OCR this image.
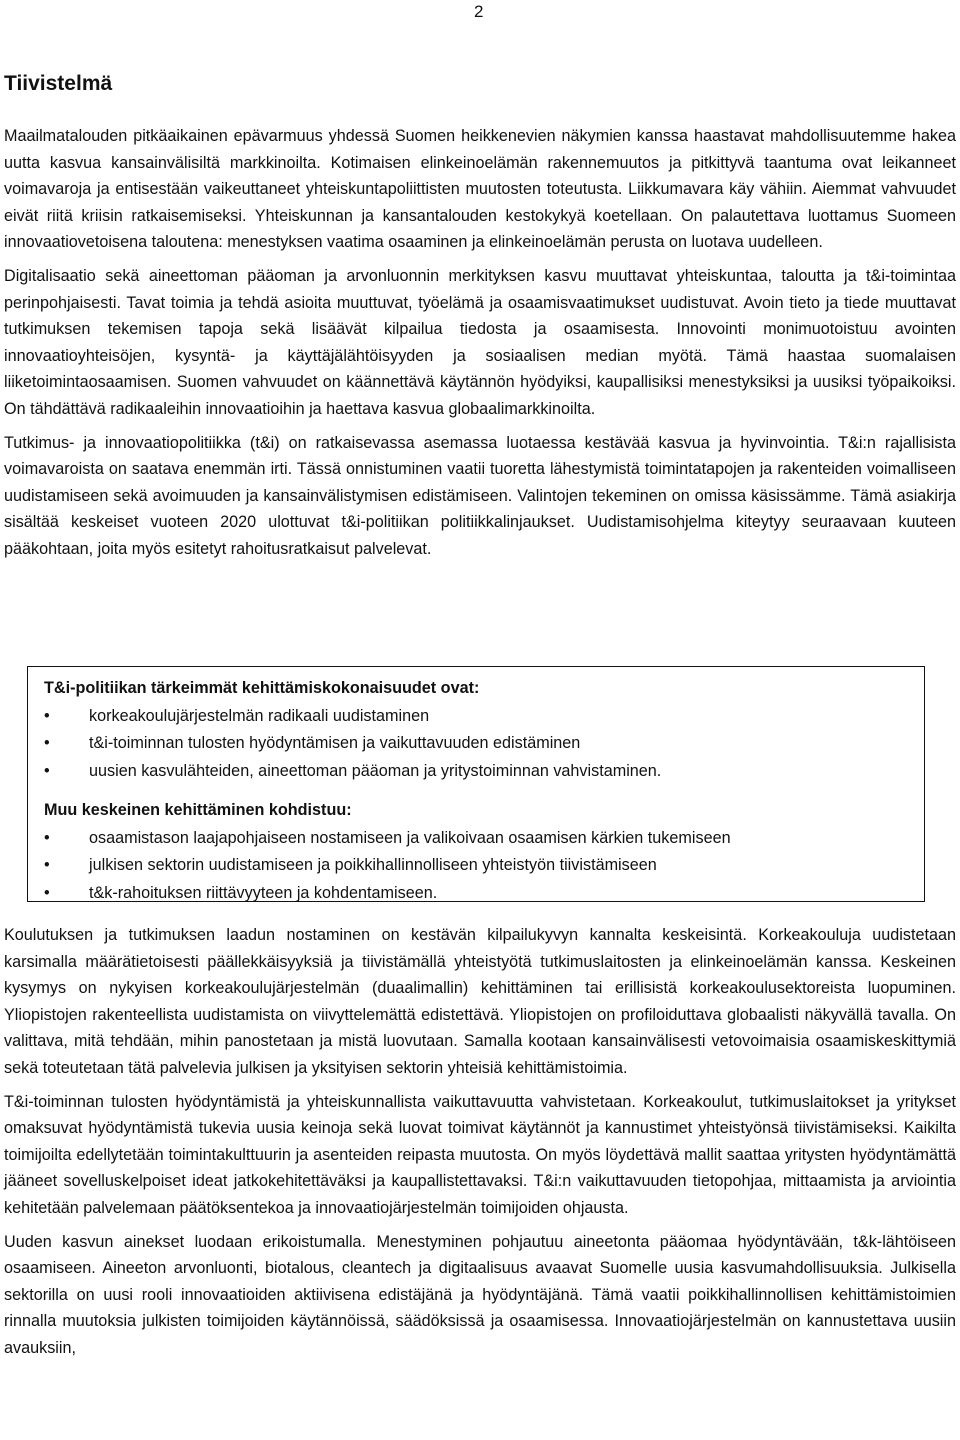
2
Tiivistelmä

Maailmatalouden pitkäaikainen epävarmuus yhdessä Suomen heikkenevien näkymien kanssa haastavat mahdollisuutemme hakea uutta kasvua kansainvälisiltä markkinoilta. Kotimaisen elinkeinoelämän rakennemuutos ja pitkittyvä taantuma ovat leikanneet voimavaroja ja entisestään vaikeuttaneet yhteiskuntapoliittisten muutosten toteutusta. Liikkumavara käy vähiin. Aiemmat vahvuudet eivät riitä kriisin ratkaisemiseksi. Yhteiskunnan ja kansantalouden kestokykyä koetellaan. On palautettava luottamus Suomeen innovaatiovetoisena taloutena: menestyksen vaatima osaaminen ja elinkeinoelämän perusta on luotava uudelleen.

Digitalisaatio sekä aineettoman pääoman ja arvonluonnin merkityksen kasvu muuttavat yhteiskuntaa, taloutta ja t&i-toimintaa perinpohjaisesti. Tavat toimia ja tehdä asioita muuttuvat, työelämä ja osaamisvaatimukset uudistuvat. Avoin tieto ja tiede muuttavat tutkimuksen tekemisen tapoja sekä lisäävät kilpailua tiedosta ja osaamisesta. Innovointi monimuotoistuu avointen innovaatioyhteisöjen, kysyntä- ja käyttäjälähtöisyyden ja sosiaalisen median myötä. Tämä haastaa suomalaisen liiketoimintaosaamisen. Suomen vahvuudet on käännettävä käytännön hyödyiksi, kaupallisiksi menestyksiksi ja uusiksi työpaikoiksi. On tähdättävä radikaaleihin innovaatioihin ja haettava kasvua globaalimarkkinoilta.

Tutkimus- ja innovaatiopolitiikka (t&i) on ratkaisevassa asemassa luotaessa kestävää kasvua ja hyvinvointia. T&i:n rajallisista voimavaroista on saatava enemmän irti. Tässä onnistuminen vaatii tuoretta lähestymistä toimintatapojen ja rakenteiden voimalliseen uudistamiseen sekä avoimuuden ja kansainvälistymisen edistämiseen. Valintojen tekeminen on omissa käsissämme. Tämä asiakirja sisältää keskeiset vuoteen 2020 ulottuvat t&i-politiikan politiikkalinjaukset. Uudistamisohjelma kiteytyy seuraavaan kuuteen pääkohtaan, joita myös esitetyt rahoitusratkaisut palvelevat.

T&i-politiikan tärkeimmät kehittämiskokonaisuudet ovat:
• korkeakoulujärjestelmän radikaali uudistaminen
• t&i-toiminnan tulosten hyödyntämisen ja vaikuttavuuden edistäminen
• uusien kasvulähteiden, aineettoman pääoman ja yritystoiminnan vahvistaminen.
Muu keskeinen kehittäminen kohdistuu:
• osaamistason laajapohjaiseen nostamiseen ja valikoivaan osaamisen kärkien tukemiseen
• julkisen sektorin uudistamiseen ja poikkihallinnolliseen yhteistyön tiivistämiseen
• t&k-rahoituksen riittävyyteen ja kohdentamiseen.

Koulutuksen ja tutkimuksen laadun nostaminen on kestävän kilpailukyvyn kannalta keskeisintä. Korkeakouluja uudistetaan karsimalla määrätietoisesti päällekkäisyyksiä ja tiivistämällä yhteistyötä tutkimuslaitosten ja elinkeinoelämän kanssa. Keskeinen kysymys on nykyisen korkeakoulujärjestelmän (duaalimallin) kehittäminen tai erillisistä korkeakoulusektoreista luopuminen. Yliopistojen rakenteellista uudistamista on viivyttelemättä edistettävä. Yliopistojen on profiloiduttava globaalisti näkyvällä tavalla. On valittava, mitä tehdään, mihin panostetaan ja mistä luovutaan. Samalla kootaan kansainvälisesti vetovoimaisia osaamiskeskittymiä sekä toteutetaan tätä palvelevia julkisen ja yksityisen sektorin yhteisiä kehittämistoimia.

T&i-toiminnan tulosten hyödyntämistä ja yhteiskunnallista vaikuttavuutta vahvistetaan. Korkeakoulut, tutkimuslaitokset ja yritykset omaksuvat hyödyntämistä tukevia uusia keinoja sekä luovat toimivat käytännöt ja kannustimet yhteistyönsä tiivistämiseksi. Kaikilta toimijoilta edellytetään toimintakulttuurin ja asenteiden reipasta muutosta. On myös löydettävä mallit saattaa yritysten hyödyntämättä jääneet sovelluskelpoiset ideat jatkokehitettäväksi ja kaupallistettavaksi. T&i:n vaikuttavuuden tietopohjaa, mittaamista ja arviointia kehitetään palvelemaan päätöksentekoa ja innovaatiojärjestelmän toimijoiden ohjausta.

Uuden kasvun ainekset luodaan erikoistumalla. Menestyminen pohjautuu aineetonta pääomaa hyödyntävään, t&k-lähtöiseen osaamiseen. Aineeton arvonluonti, biotalous, cleantech ja digitaalisuus avaavat Suomelle uusia kasvumahdollisuuksia. Julkisella sektorilla on uusi rooli innovaatioiden aktiivisena edistäjänä ja hyödyntäjänä. Tämä vaatii poikkihallinnollisen kehittämistoimien rinnalla muutoksia julkisten toimijoiden käytännöissä, säädöksissä ja osaamisessa. Innovaatiojärjestelmän on kannustettava uusiin avauksiin,
